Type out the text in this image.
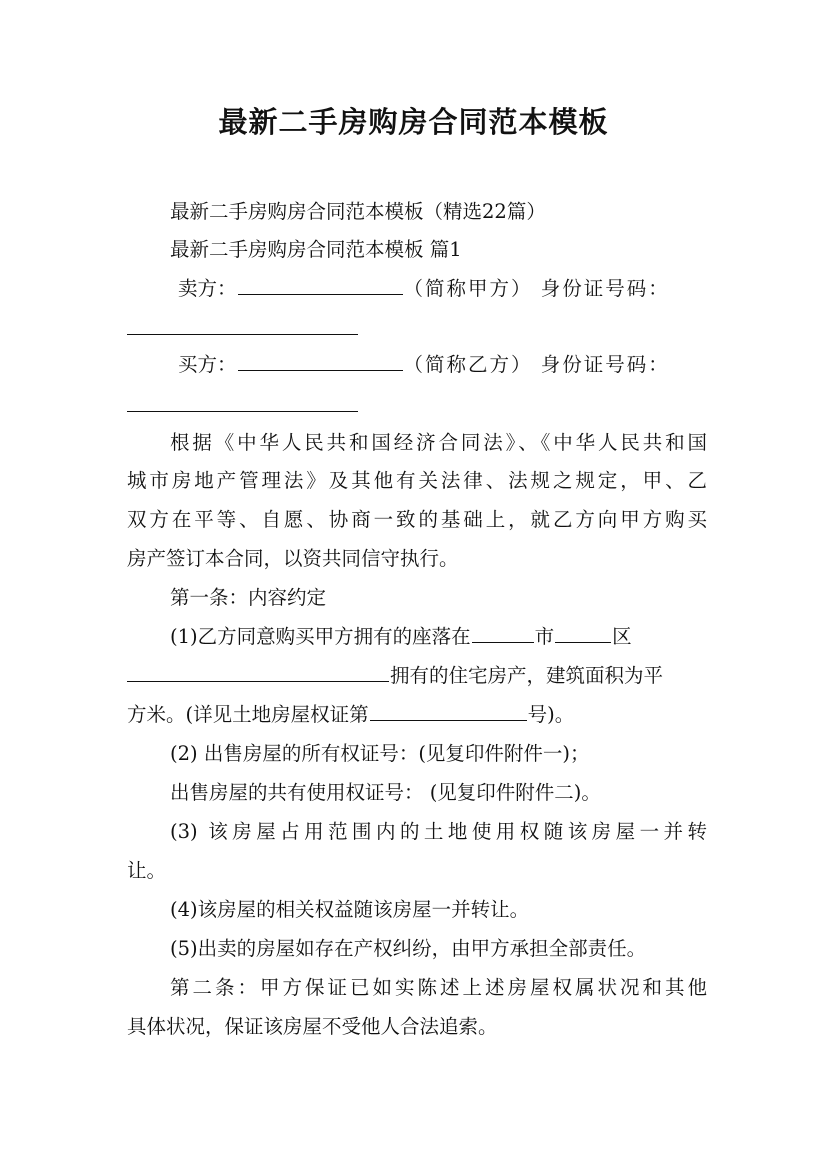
最新二手房购房合同范本模板
最新二手房购房合同范本模板（精选22篇）
最新二手房购房合同范本模板 篇1
卖方：	（简称甲方） 身份证号码：
买方：	（简称乙方） 身份证号码：
根据《中华人民共和国经济合同法》、《中华人民共和国
城市房地产管理法》及其他有关法律、法规之规定，甲、乙
双方在平等、自愿、协商一致的基础上，就乙方向甲方购买
房产签订本合同，以资共同信守执行。
第一条：内容约定
(1)乙方同意购买甲方拥有的座落在	市	区
拥有的住宅房产，建筑面积为平
方米。(详见土地房屋权证第	号)。
(2) 出售房屋的所有权证号：(见复印件附件一)；
出售房屋的共有使用权证号： (见复印件附件二)。
(3) 该房屋占用范围内的土地使用权随该房屋一并转
让。
(4)该房屋的相关权益随该房屋一并转让。
(5)出卖的房屋如存在产权纠纷，由甲方承担全部责任。
第二条：甲方保证已如实陈述上述房屋权属状况和其他
具体状况，保证该房屋不受他人合法追索。
